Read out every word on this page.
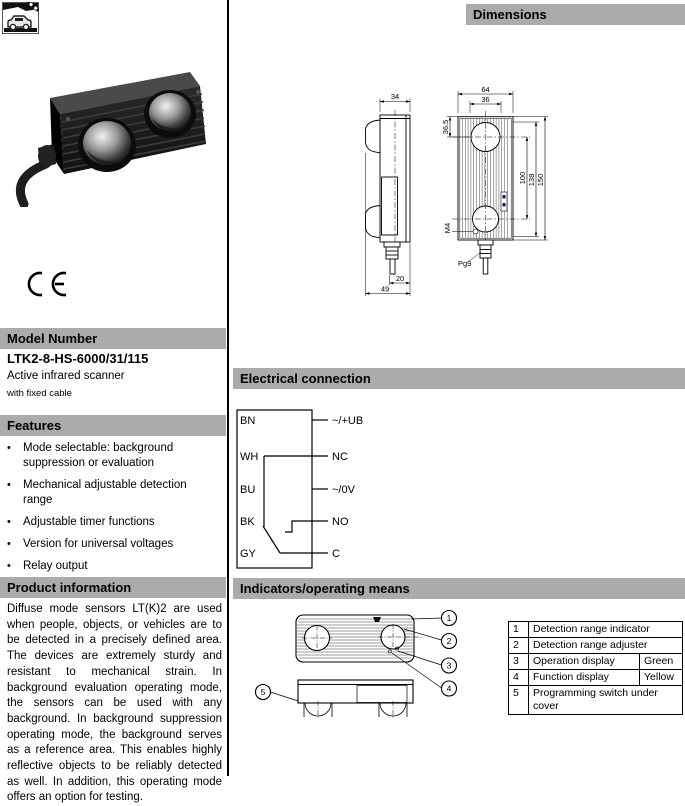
Model Number
LTK2-8-HS-6000/31/115
Active infrared scanner
with fixed cable
Features
•	Mode selectable: background suppression or evaluation
•	Mechanical adjustable detection range
•	Adjustable timer functions
•	Version for universal voltages
•	Relay output
Product information
Diffuse mode sensors LT(K)2 are used when people, objects, or vehicles are to be detected in a precisely defined area. The devices are extremely sturdy and resistant to mechanical strain. In background evaluation operating mode, the sensors can be used with any background. In background suppression operating mode, the background serves as a reference area. This enables highly reflective objects to be reliably detected as well. In addition, this operating mode offers an option for testing.
Dimensions
34
20
49
64
36
36.5
100 138 150
M4
Pg9
Electrical connection
BN
WH
BU
BK
GY
~/+UB
NC
~/0V
NO
C
Indicators/operating means
1
2
3
4
5
1	Detection range indicator	
2	Detection range adjuster	
3	Operation display	Green
4	Function display	Yellow
5	Programming switch under cover	
